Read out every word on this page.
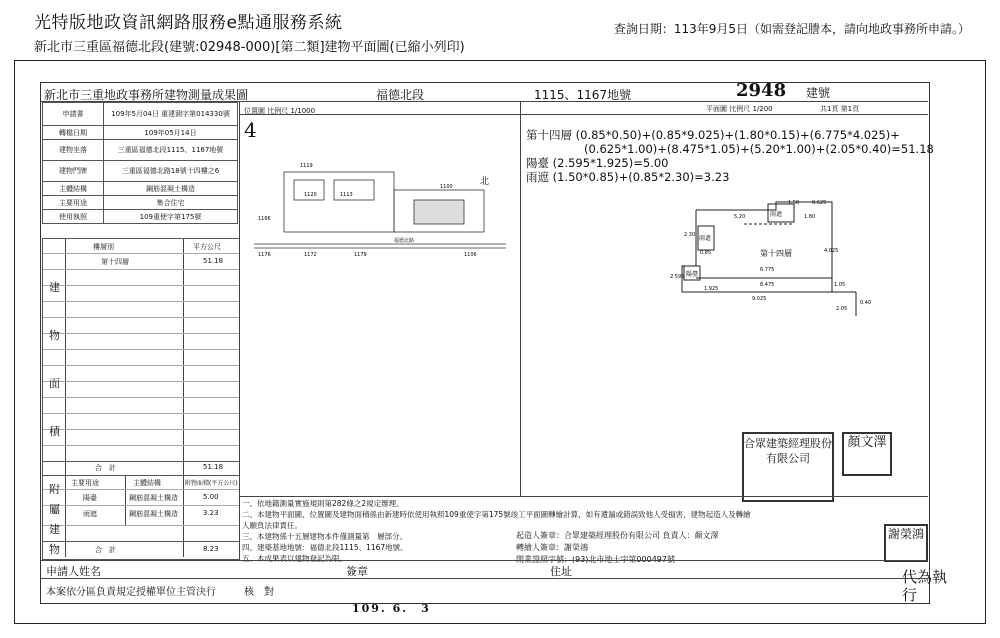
光特版地政資訊網路服務e點通服務系統
新北市三重區福德北段(建號:02948-000)[第二類]建物平面圖(已縮小列印)
查詢日期：113年9月5日（如需登記謄本，請向地政事務所申請。）
新北市三重地政事務所建物測量成果圖	福德北段	1115、1167地號	2948 建號
申請書	109年5月04日 重建測字第014330號
轉檔日期	109年05月14日
建物坐落	三重區福德北段1115、1167地號
建物門牌	三重區福德北路18號十四樓之6
主體結構	鋼筋混凝土構造
主要用途	集合住宅
使用執照	109重使字第175號
樓層別	平方公尺
第十四層	51.18
建
物
面
積
合　計	51.18
主要用途	主體結構	附物面積(平方公尺)
陽臺	鋼筋混凝土構造	5.00
雨遮	鋼筋混凝土構造	3.23
附
屬
建
物	合　計	8.23
位置圖 比例尺 1/1000
4
北
1119
1120	1113
1100
1166
1176	1172	1179	1106
福德北路
平面圖 比例尺 1/200	共1頁 第1頁
第十四層 (0.85*0.50)+(0.85*9.025)+(1.80*0.15)+(6.775*4.025)+
(0.625*1.00)+(8.475*1.05)+(5.20*1.00)+(2.05*0.40)=51.18
陽臺 (2.595*1.925)=5.00
雨遮 (1.50*0.85)+(0.85*2.30)=3.23
第十四層
陽臺
雨遮
雨遮
1.50	0.625
5.20	1.80
0.85
2.30
4.025
6.775
2.595
8.475
1.925
9.025
1.05
2.05
0.40
合眾建築經理股份有限公司
顏文澤
謝榮鴻
代為執行
一、依地籍測量實施規則第282條之2規定辦理。
二、本建物平面圖、位置圖及建物面積係由新建時依使用執照109重使字第175號竣工平面圖轉繪計算，如有遺漏或錯誤致他人受損害，建物起造人及轉繪人願負法律責任。
三、本建物係十五層建物本件僅測量第　層部分。
四、建築基地地號：福德北段1115、1167地號。
五、本成果表以建物登記為限。
起造人簽章：合眾建築經理股份有限公司 負責人：顏文澤
轉繪人簽章：謝榮鴻
開業證照字號：(93)北市地士字第000497號
申請人姓名	簽章	住址
本案依分區負責規定授權單位主管決行	核　對
109. 6.　3
